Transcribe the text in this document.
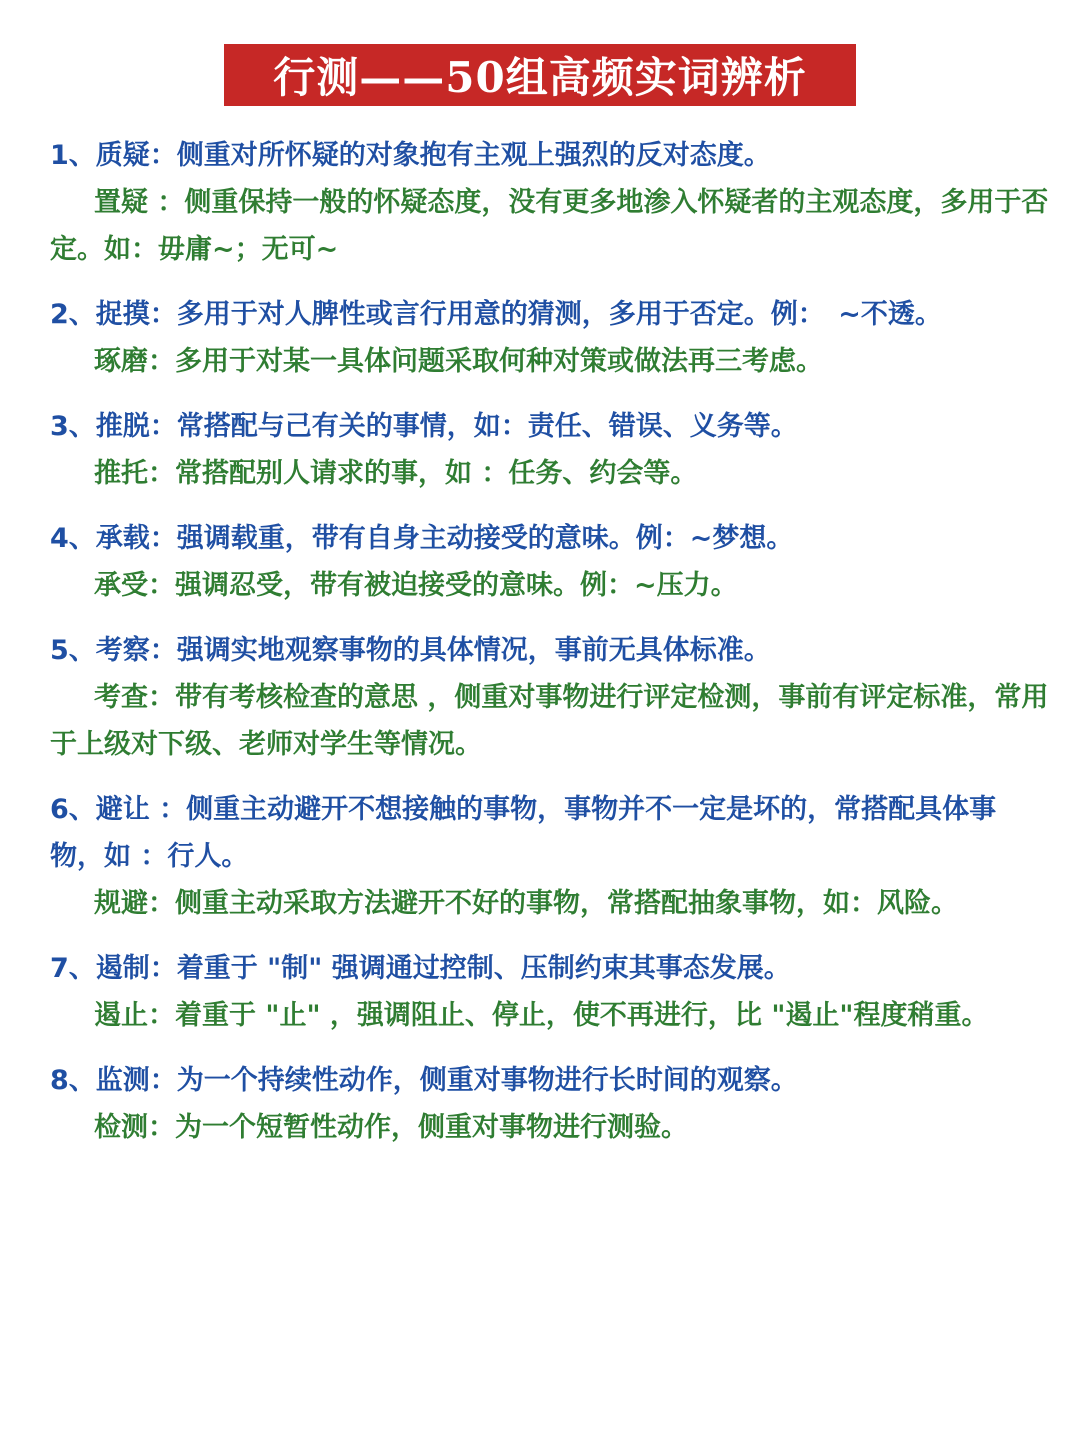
行测——50组高频实词辨析
1、质疑：侧重对所怀疑的对象抱有主观上强烈的反对态度。
置疑 ：侧重保持一般的怀疑态度，没有更多地渗入怀疑者的主观态度，多用于否定。如：毋庸~；无可~
2、捉摸：多用于对人脾性或言行用意的猜测，多用于否定。例：　~不透。
琢磨：多用于对某一具体问题采取何种对策或做法再三考虑。
3、推脱：常搭配与己有关的事情，如：责任、错误、义务等。
推托：常搭配别人请求的事，如 ：任务、约会等。
4、承载：强调载重，带有自身主动接受的意味。例：~梦想。
承受：强调忍受，带有被迫接受的意味。例：~压力。
5、考察：强调实地观察事物的具体情况，事前无具体标准。
考查：带有考核检查的意思 ，侧重对事物进行评定检测，事前有评定标准，常用于上级对下级、老师对学生等情况。
6、避让 ：侧重主动避开不想接触的事物，事物并不一定是坏的，常搭配具体事物，如 ：行人。
规避：侧重主动采取方法避开不好的事物，常搭配抽象事物，如：风险。
7、遏制：着重于 "制" 强调通过控制、压制约束其事态发展。
遏止：着重于 "止" ，强调阻止、停止，使不再进行，比 "遏止"程度稍重。
8、监测：为一个持续性动作，侧重对事物进行长时间的观察。
检测：为一个短暂性动作，侧重对事物进行测验。
